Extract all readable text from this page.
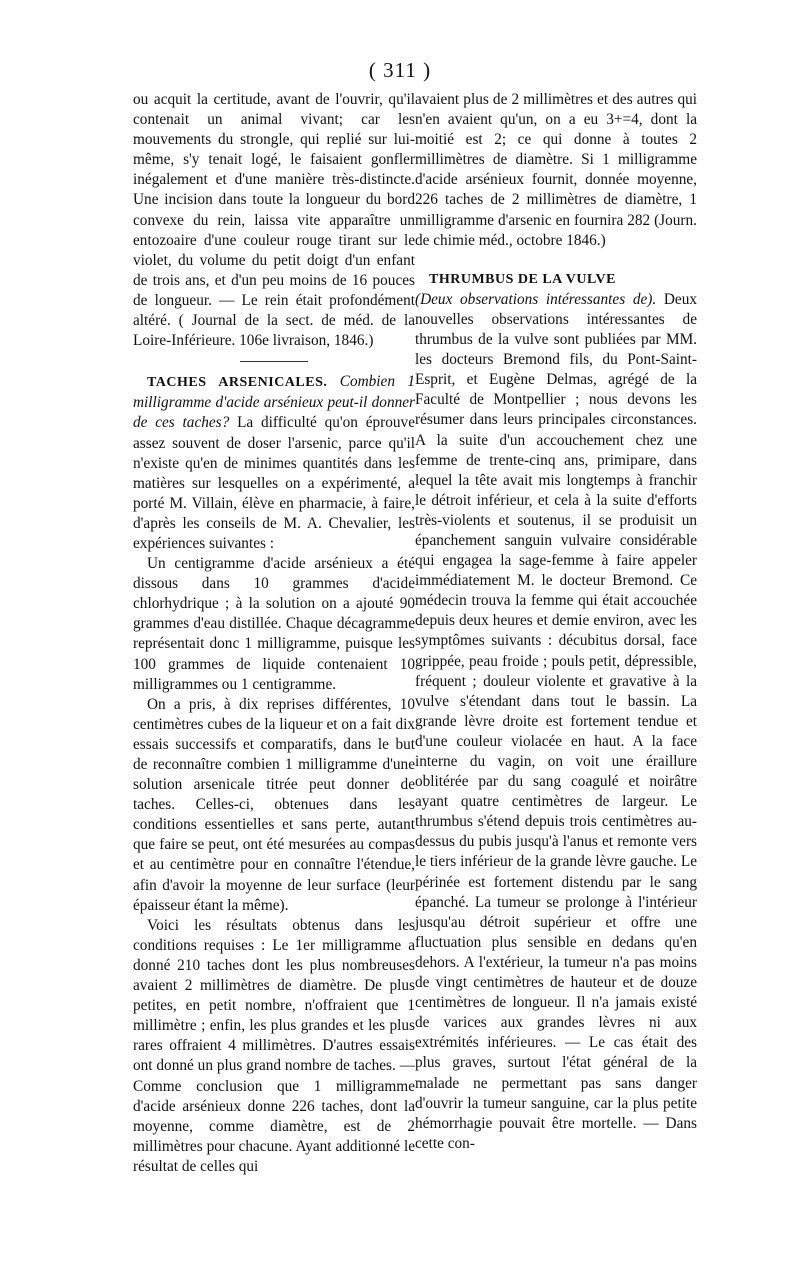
( 311 )

ou acquit la certitude, avant de l'ouvrir, qu'il contenait un animal vivant; car les mouvements du strongle, qui replié sur lui-même, s'y tenait logé, le faisaient gonfler inégalement et d'une manière très-distincte. Une incision dans toute la longueur du bord convexe du rein, laissa vite apparaître un entozoaire d'une couleur rouge tirant sur le violet, du volume du petit doigt d'un enfant de trois ans, et d'un peu moins de 16 pouces de longueur. — Le rein était profondément altéré. ( Journal de la sect. de méd. de la Loire-Inférieure. 106e livraison, 1846.)

TACHES ARSENICALES. Combien 1 milligramme d'acide arsénieux peut-il donner de ces taches? La difficulté qu'on éprouve assez souvent de doser l'arsenic, parce qu'il n'existe qu'en de minimes quantités dans les matières sur lesquelles on a expérimenté, a porté M. Villain, élève en pharmacie, à faire, d'après les conseils de M. A. Chevalier, les expériences suivantes :

Un centigramme d'acide arsénieux a été dissous dans 10 grammes d'acide chlorhydrique ; à la solution on a ajouté 90 grammes d'eau distillée. Chaque décagramme représentait donc 1 milligramme, puisque les 100 grammes de liquide contenaient 10 milligrammes ou 1 centigramme.

On a pris, à dix reprises différentes, 10 centimètres cubes de la liqueur et on a fait dix essais successifs et comparatifs, dans le but de reconnaître combien 1 milligramme d'une solution arsenicale titrée peut donner de taches. Celles-ci, obtenues dans les conditions essentielles et sans perte, autant que faire se peut, ont été mesurées au compas et au centimètre pour en connaître l'étendue, afin d'avoir la moyenne de leur surface (leur épaisseur étant la même).

Voici les résultats obtenus dans les conditions requises : Le 1er milligramme a donné 210 taches dont les plus nombreuses avaient 2 millimètres de diamètre. De plus petites, en petit nombre, n'offraient que 1 millimètre ; enfin, les plus grandes et les plus rares offraient 4 millimètres. D'autres essais ont donné un plus grand nombre de taches. — Comme conclusion que 1 milligramme d'acide arsénieux donne 226 taches, dont la moyenne, comme diamètre, est de 2 millimètres pour chacune. Ayant additionné le résultat de celles qui

avaient plus de 2 millimètres et des autres qui n'en avaient qu'un, on a eu 3+=4, dont la moitié est 2; ce qui donne à toutes 2 millimètres de diamètre. Si 1 milligramme d'acide arsénieux fournit, donnée moyenne, 226 taches de 2 millimètres de diamètre, 1 milligramme d'arsenic en fournira 282 (Journ. de chimie méd., octobre 1846.)

THRUMBUS DE LA VULVE
(Deux observations intéressantes de). Deux nouvelles observations intéressantes de thrumbus de la vulve sont publiées par MM. les docteurs Bremond fils, du Pont-Saint-Esprit, et Eugène Delmas, agrégé de la Faculté de Montpellier ; nous devons les résumer dans leurs principales circonstances. A la suite d'un accouchement chez une femme de trente-cinq ans, primipare, dans lequel la tête avait mis longtemps à franchir le détroit inférieur, et cela à la suite d'efforts très-violents et soutenus, il se produisit un épanchement sanguin vulvaire considérable qui engagea la sage-femme à faire appeler immédiatement M. le docteur Bremond. Ce médecin trouva la femme qui était accouchée depuis deux heures et demie environ, avec les symptômes suivants : décubitus dorsal, face grippée, peau froide ; pouls petit, dépressible, fréquent ; douleur violente et gravative à la vulve s'étendant dans tout le bassin. La grande lèvre droite est fortement tendue et d'une couleur violacée en haut. A la face interne du vagin, on voit une éraillure oblitérée par du sang coagulé et noirâtre ayant quatre centimètres de largeur. Le thrumbus s'étend depuis trois centimètres au-dessus du pubis jusqu'à l'anus et remonte vers le tiers inférieur de la grande lèvre gauche. Le périnée est fortement distendu par le sang épanché. La tumeur se prolonge à l'intérieur jusqu'au détroit supérieur et offre une fluctuation plus sensible en dedans qu'en dehors. A l'extérieur, la tumeur n'a pas moins de vingt centimètres de hauteur et de douze centimètres de longueur. Il n'a jamais existé de varices aux grandes lèvres ni aux extrémités inférieures. — Le cas était des plus graves, surtout l'état général de la malade ne permettant pas sans danger d'ouvrir la tumeur sanguine, car la plus petite hémorrhagie pouvait être mortelle. — Dans cette con-
